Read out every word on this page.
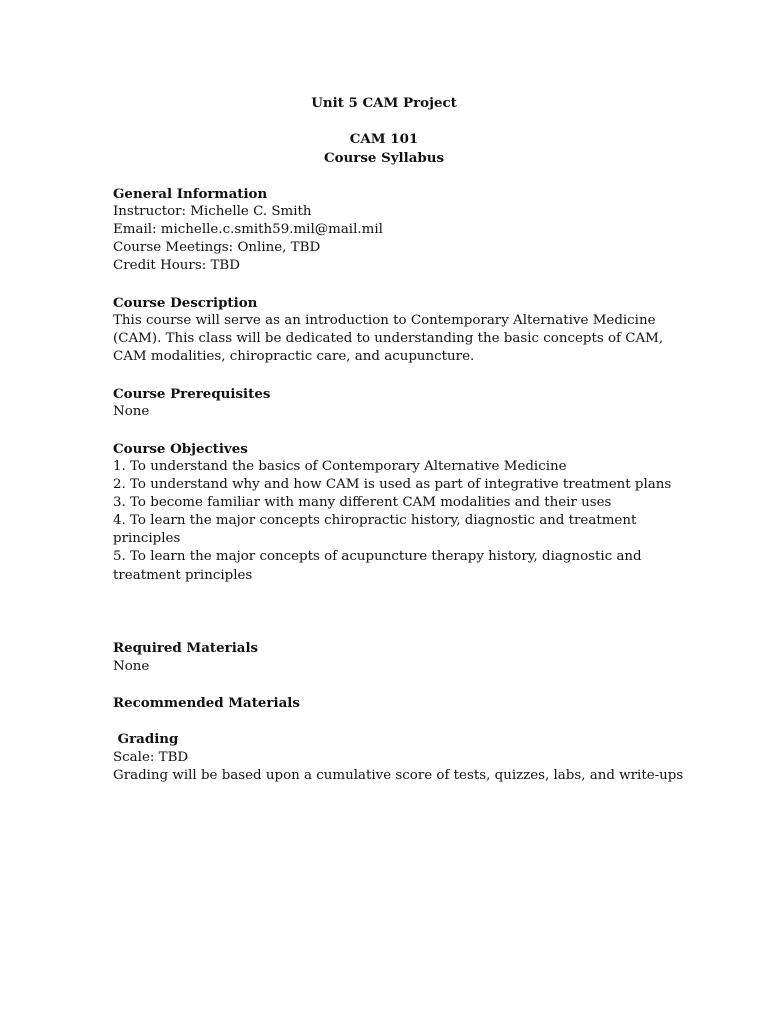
Unit 5 CAM Project
CAM 101
Course Syllabus
General Information
Instructor: Michelle C. Smith
Email: michelle.c.smith59.mil@mail.mil
Course Meetings: Online, TBD
Credit Hours: TBD
Course Description
This course will serve as an introduction to Contemporary Alternative Medicine
(CAM). This class will be dedicated to understanding the basic concepts of CAM,
CAM modalities, chiropractic care, and acupuncture.
Course Prerequisites
None
Course Objectives
1. To understand the basics of Contemporary Alternative Medicine
2. To understand why and how CAM is used as part of integrative treatment plans
3. To become familiar with many different CAM modalities and their uses
4. To learn the major concepts chiropractic history, diagnostic and treatment
principles
5. To learn the major concepts of acupuncture therapy history, diagnostic and
treatment principles
Required Materials
None
Recommended Materials
Grading
Scale: TBD
Grading will be based upon a cumulative score of tests, quizzes, labs, and write-ups
